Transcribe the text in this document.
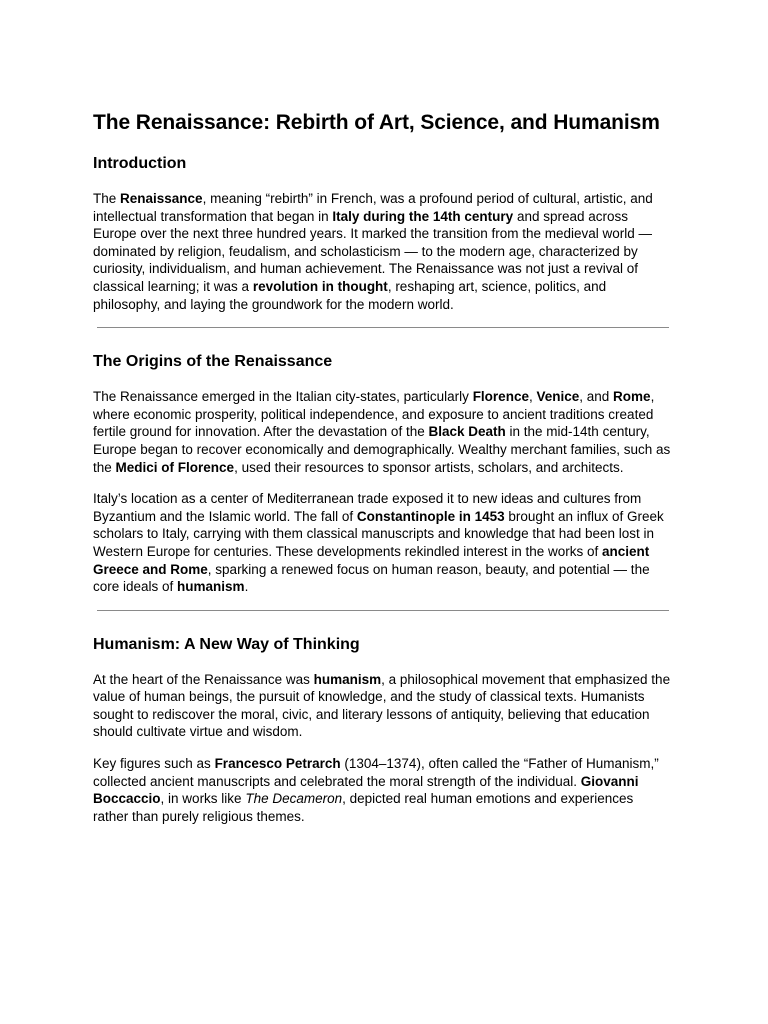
The Renaissance: Rebirth of Art, Science, and Humanism
Introduction

The Renaissance, meaning “rebirth” in French, was a profound period of cultural, artistic, and intellectual transformation that began in Italy during the 14th century and spread across Europe over the next three hundred years. It marked the transition from the medieval world — dominated by religion, feudalism, and scholasticism — to the modern age, characterized by curiosity, individualism, and human achievement. The Renaissance was not just a revival of classical learning; it was a revolution in thought, reshaping art, science, politics, and philosophy, and laying the groundwork for the modern world.

The Origins of the Renaissance

The Renaissance emerged in the Italian city-states, particularly Florence, Venice, and Rome, where economic prosperity, political independence, and exposure to ancient traditions created fertile ground for innovation. After the devastation of the Black Death in the mid-14th century, Europe began to recover economically and demographically. Wealthy merchant families, such as the Medici of Florence, used their resources to sponsor artists, scholars, and architects.

Italy’s location as a center of Mediterranean trade exposed it to new ideas and cultures from Byzantium and the Islamic world. The fall of Constantinople in 1453 brought an influx of Greek scholars to Italy, carrying with them classical manuscripts and knowledge that had been lost in Western Europe for centuries. These developments rekindled interest in the works of ancient Greece and Rome, sparking a renewed focus on human reason, beauty, and potential — the core ideals of humanism.

Humanism: A New Way of Thinking

At the heart of the Renaissance was humanism, a philosophical movement that emphasized the value of human beings, the pursuit of knowledge, and the study of classical texts. Humanists sought to rediscover the moral, civic, and literary lessons of antiquity, believing that education should cultivate virtue and wisdom.

Key figures such as Francesco Petrarch (1304–1374), often called the “Father of Humanism,” collected ancient manuscripts and celebrated the moral strength of the individual. Giovanni Boccaccio, in works like The Decameron, depicted real human emotions and experiences rather than purely religious themes.
